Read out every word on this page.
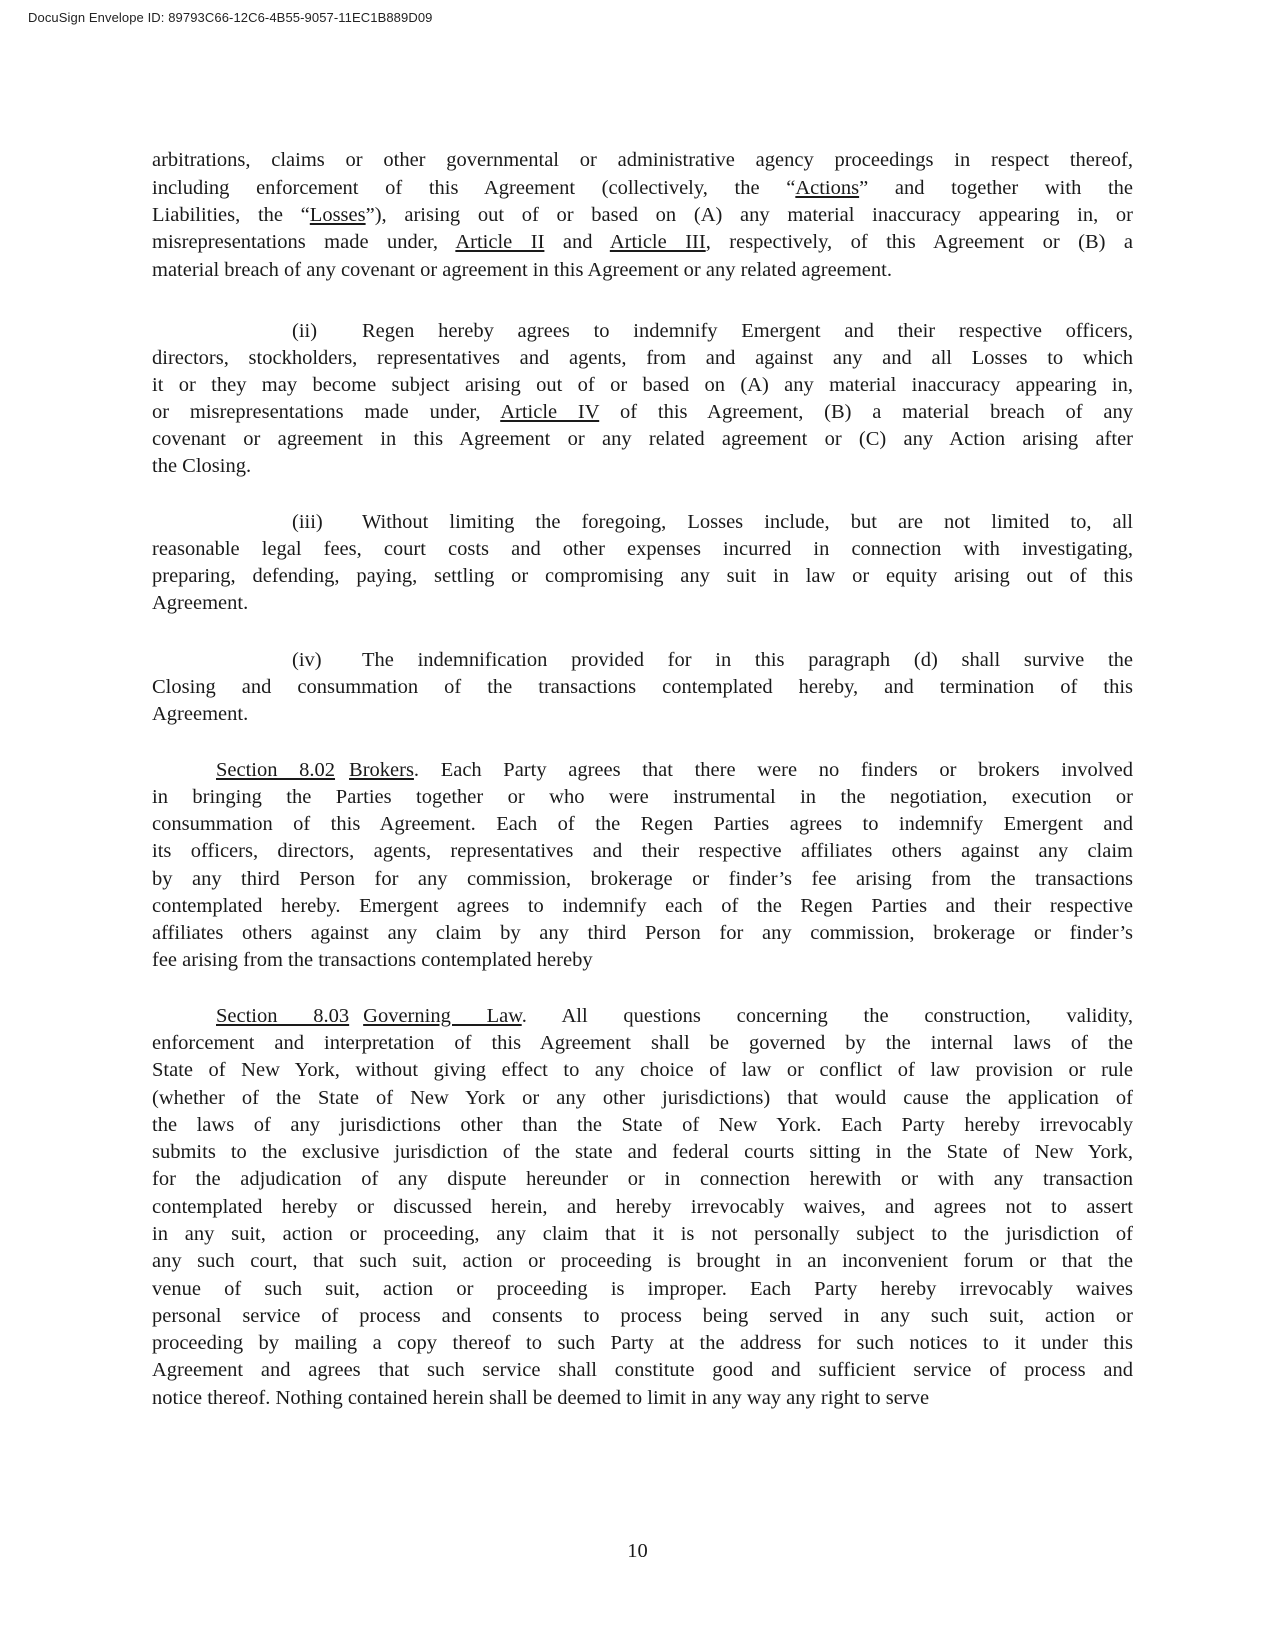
DocuSign Envelope ID: 89793C66-12C6-4B55-9057-11EC1B889D09
arbitrations, claims or other governmental or administrative agency proceedings in respect thereof,
including enforcement of this Agreement (collectively, the “Actions” and together with the
Liabilities, the “Losses”), arising out of or based on (A) any material inaccuracy appearing in, or
misrepresentations made under, Article II and Article III, respectively, of this Agreement or (B) a
material breach of any covenant or agreement in this Agreement or any related agreement.
(ii) Regen hereby agrees to indemnify Emergent and their respective officers,
directors, stockholders, representatives and agents, from and against any and all Losses to which
it or they may become subject arising out of or based on (A) any material inaccuracy appearing in,
or misrepresentations made under, Article IV of this Agreement, (B) a material breach of any
covenant or agreement in this Agreement or any related agreement or (C) any Action arising after
the Closing.
(iii) Without limiting the foregoing, Losses include, but are not limited to, all
reasonable legal fees, court costs and other expenses incurred in connection with investigating,
preparing, defending, paying, settling or compromising any suit in law or equity arising out of this
Agreement.
(iv) The indemnification provided for in this paragraph (d) shall survive the
Closing and consummation of the transactions contemplated hereby, and termination of this
Agreement.
Section 8.02 Brokers. Each Party agrees that there were no finders or brokers involved
in bringing the Parties together or who were instrumental in the negotiation, execution or
consummation of this Agreement. Each of the Regen Parties agrees to indemnify Emergent and
its officers, directors, agents, representatives and their respective affiliates others against any claim
by any third Person for any commission, brokerage or finder’s fee arising from the transactions
contemplated hereby. Emergent agrees to indemnify each of the Regen Parties and their respective
affiliates others against any claim by any third Person for any commission, brokerage or finder’s
fee arising from the transactions contemplated hereby
Section 8.03 Governing Law. All questions concerning the construction, validity,
enforcement and interpretation of this Agreement shall be governed by the internal laws of the
State of New York, without giving effect to any choice of law or conflict of law provision or rule
(whether of the State of New York or any other jurisdictions) that would cause the application of
the laws of any jurisdictions other than the State of New York. Each Party hereby irrevocably
submits to the exclusive jurisdiction of the state and federal courts sitting in the State of New York,
for the adjudication of any dispute hereunder or in connection herewith or with any transaction
contemplated hereby or discussed herein, and hereby irrevocably waives, and agrees not to assert
in any suit, action or proceeding, any claim that it is not personally subject to the jurisdiction of
any such court, that such suit, action or proceeding is brought in an inconvenient forum or that the
venue of such suit, action or proceeding is improper. Each Party hereby irrevocably waives
personal service of process and consents to process being served in any such suit, action or
proceeding by mailing a copy thereof to such Party at the address for such notices to it under this
Agreement and agrees that such service shall constitute good and sufficient service of process and
notice thereof. Nothing contained herein shall be deemed to limit in any way any right to serve
10
